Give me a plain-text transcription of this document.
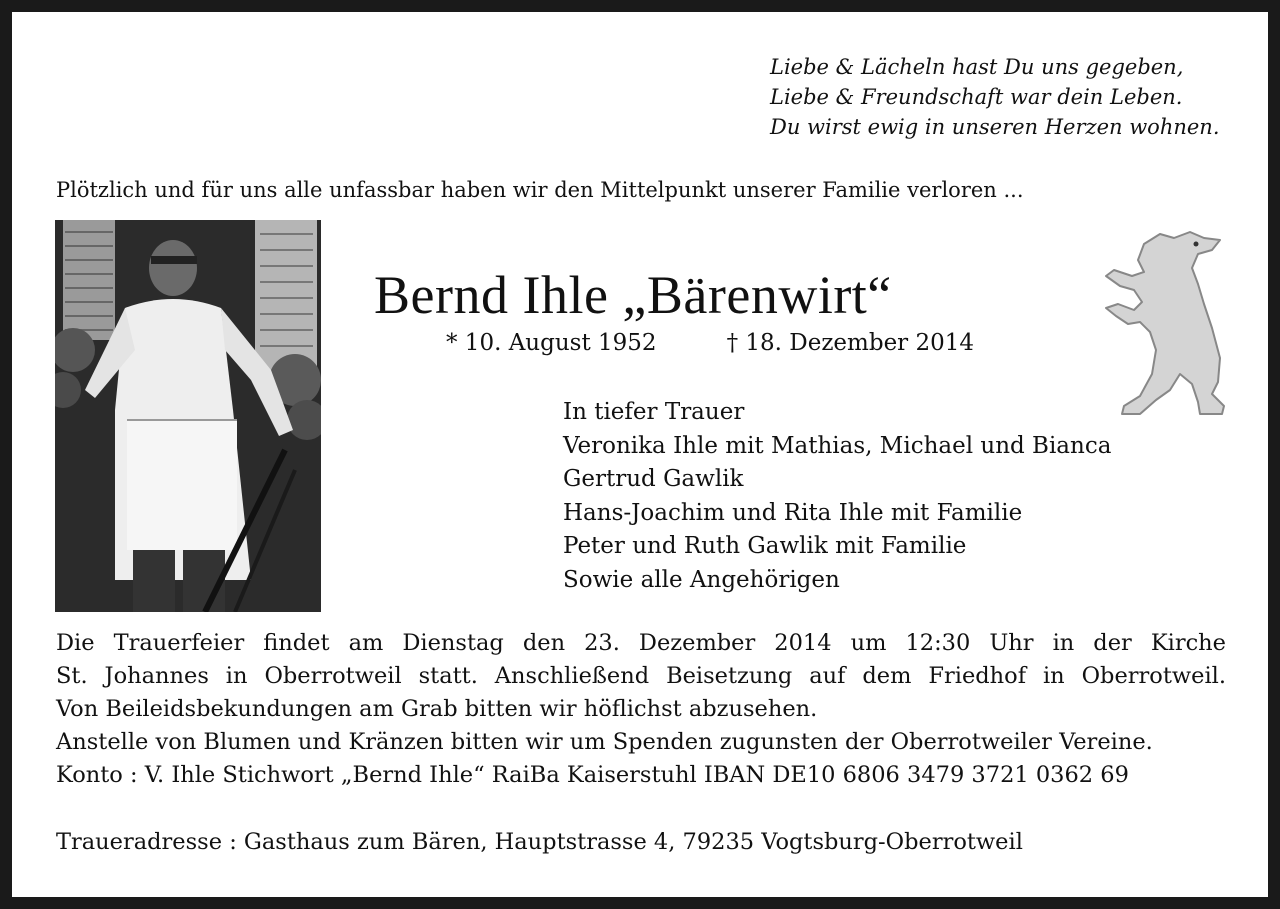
Liebe & Lächeln hast Du uns gegeben,
Liebe & Freundschaft war dein Leben.
Du wirst ewig in unseren Herzen wohnen.
Plötzlich und für uns alle unfassbar haben wir den Mittelpunkt unserer Familie verloren ...
Bernd Ihle „Bärenwirt“
* 10. August 1952	† 18. Dezember 2014
In tiefer Trauer
Veronika Ihle mit Mathias, Michael und Bianca
Gertrud Gawlik
Hans-Joachim und Rita Ihle mit Familie
Peter und Ruth Gawlik mit Familie
Sowie alle Angehörigen
Die Trauerfeier findet am Dienstag den 23. Dezember 2014 um 12:30 Uhr in der Kirche
St. Johannes in Oberrotweil statt. Anschließend Beisetzung auf dem Friedhof in Oberrotweil.
Von Beileidsbekundungen am Grab bitten wir höflichst abzusehen.
Anstelle von Blumen und Kränzen bitten wir um Spenden zugunsten der Oberrotweiler Vereine.
Konto : V. Ihle Stichwort „Bernd Ihle“ RaiBa Kaiserstuhl IBAN DE10 6806 3479 3721 0362 69
Traueradresse : Gasthaus zum Bären, Hauptstrasse 4, 79235 Vogtsburg-Oberrotweil
